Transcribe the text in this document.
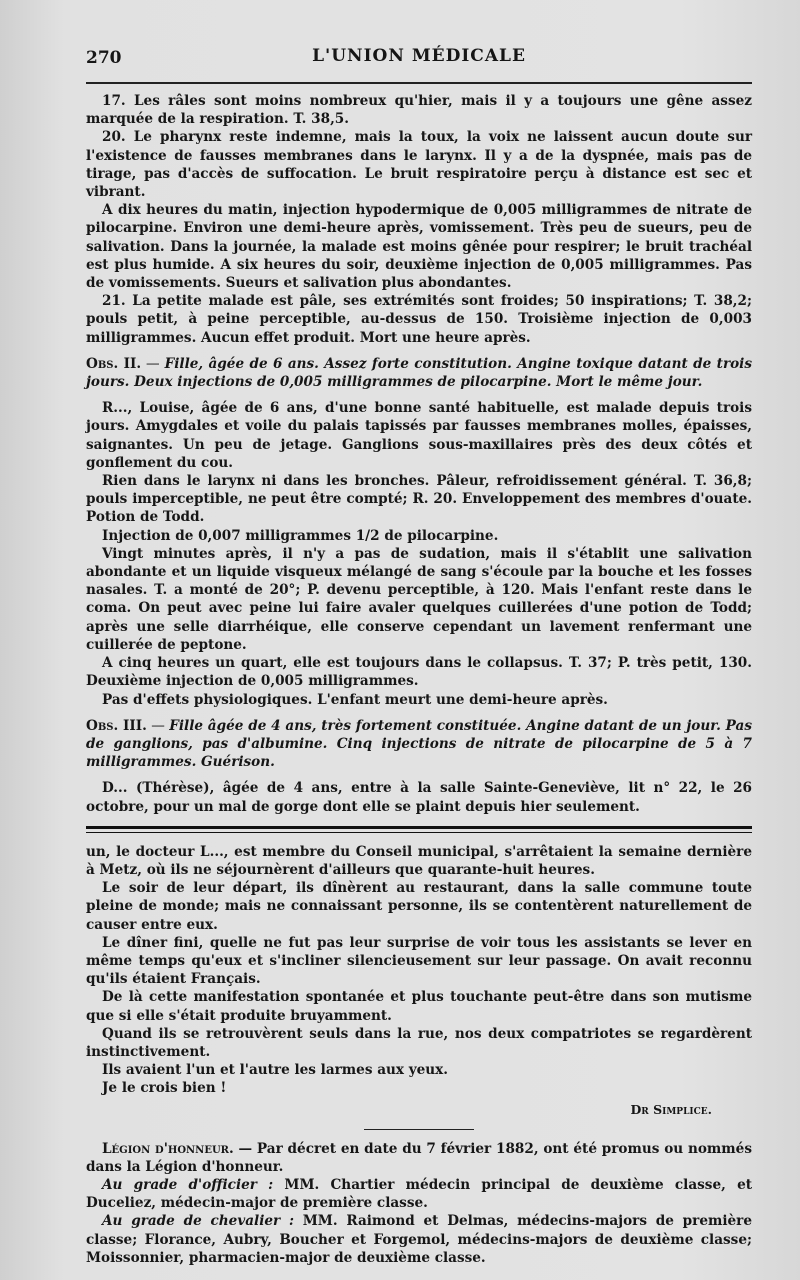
270	L'UNION MÉDICALE

17. Les râles sont moins nombreux qu'hier, mais il y a toujours une gêne assez marquée de la respiration. T. 38,5.

20. Le pharynx reste indemne, mais la toux, la voix ne laissent aucun doute sur l'existence de fausses membranes dans le larynx. Il y a de la dyspnée, mais pas de tirage, pas d'accès de suffocation. Le bruit respiratoire perçu à distance est sec et vibrant.

A dix heures du matin, injection hypodermique de 0,005 milligrammes de nitrate de pilocarpine. Environ une demi-heure après, vomissement. Très peu de sueurs, peu de salivation. Dans la journée, la malade est moins gênée pour respirer; le bruit trachéal est plus humide. A six heures du soir, deuxième injection de 0,005 milligrammes. Pas de vomissements. Sueurs et salivation plus abondantes.

21. La petite malade est pâle, ses extrémités sont froides; 50 inspirations; T. 38,2; pouls petit, à peine perceptible, au-dessus de 150. Troisième injection de 0,003 milligrammes. Aucun effet produit. Mort une heure après.

Obs. II. — Fille, âgée de 6 ans. Assez forte constitution. Angine toxique datant de trois jours. Deux injections de 0,005 milligrammes de pilocarpine. Mort le même jour.

R..., Louise, âgée de 6 ans, d'une bonne santé habituelle, est malade depuis trois jours. Amygdales et voile du palais tapissés par fausses membranes molles, épaisses, saignantes. Un peu de jetage. Ganglions sous-maxillaires près des deux côtés et gonflement du cou.

Rien dans le larynx ni dans les bronches. Pâleur, refroidissement général. T. 36,8; pouls imperceptible, ne peut être compté; R. 20. Enveloppement des membres d'ouate. Potion de Todd.

Injection de 0,007 milligrammes 1/2 de pilocarpine.

Vingt minutes après, il n'y a pas de sudation, mais il s'établit une salivation abondante et un liquide visqueux mélangé de sang s'écoule par la bouche et les fosses nasales. T. a monté de 20°; P. devenu perceptible, à 120. Mais l'enfant reste dans le coma. On peut avec peine lui faire avaler quelques cuillerées d'une potion de Todd; après une selle diarrhéique, elle conserve cependant un lavement renfermant une cuillerée de peptone.

A cinq heures un quart, elle est toujours dans le collapsus. T. 37; P. très petit, 130. Deuxième injection de 0,005 milligrammes.

Pas d'effets physiologiques. L'enfant meurt une demi-heure après.

Obs. III. — Fille âgée de 4 ans, très fortement constituée. Angine datant de un jour. Pas de ganglions, pas d'albumine. Cinq injections de nitrate de pilocarpine de 5 à 7 milligrammes. Guérison.

D... (Thérèse), âgée de 4 ans, entre à la salle Sainte-Geneviève, lit n° 22, le 26 octobre, pour un mal de gorge dont elle se plaint depuis hier seulement.

un, le docteur L..., est membre du Conseil municipal, s'arrêtaient la semaine dernière à Metz, où ils ne séjournèrent d'ailleurs que quarante-huit heures.

Le soir de leur départ, ils dînèrent au restaurant, dans la salle commune toute pleine de monde; mais ne connaissant personne, ils se contentèrent naturellement de causer entre eux.

Le dîner fini, quelle ne fut pas leur surprise de voir tous les assistants se lever en même temps qu'eux et s'incliner silencieusement sur leur passage. On avait reconnu qu'ils étaient Français.

De là cette manifestation spontanée et plus touchante peut-être dans son mutisme que si elle s'était produite bruyamment.

Quand ils se retrouvèrent seuls dans la rue, nos deux compatriotes se regardèrent instinctivement.

Ils avaient l'un et l'autre les larmes aux yeux.

Je le crois bien !

Dr Simplice.

Légion d'honneur. — Par décret en date du 7 février 1882, ont été promus ou nommés dans la Légion d'honneur.

Au grade d'officier : MM. Chartier médecin principal de deuxième classe, et Duceliez, médecin-major de première classe.

Au grade de chevalier : MM. Raimond et Delmas, médecins-majors de première classe; Florance, Aubry, Boucher et Forgemol, médecins-majors de deuxième classe; Moissonnier, pharmacien-major de deuxième classe.
